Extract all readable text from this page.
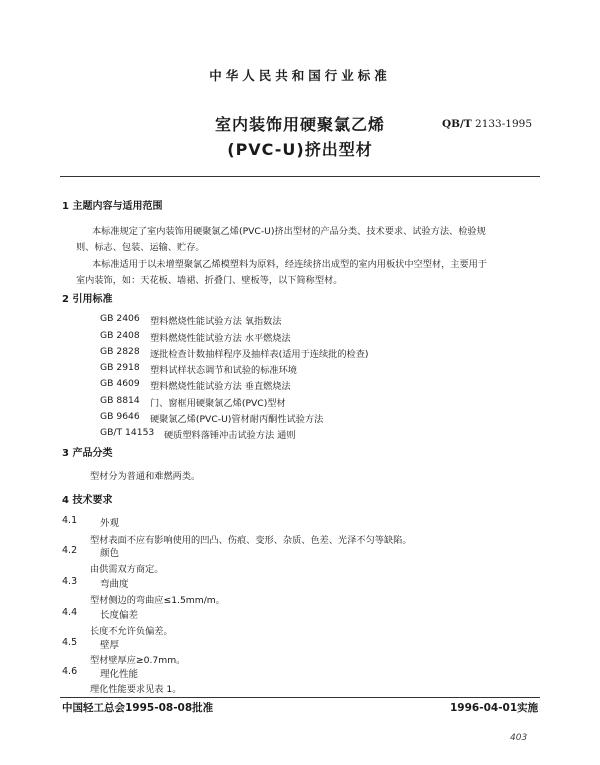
中华人民共和国行业标准
室内装饰用硬聚氯乙烯
(PVC-U)挤出型材
QB/T 2133-1995
1 主题内容与适用范围
本标准规定了室内装饰用硬聚氯乙烯(PVC-U)挤出型材的产品分类、技术要求、试验方法、检验规
则、标志、包装、运输、贮存。
本标准适用于以未增塑聚氯乙烯模塑料为原料，经连续挤出成型的室内用板状中空型材，主要用于
室内装饰，如：天花板、墙裙、折叠门、壁板等，以下简称型材。
2 引用标准
GB 2406 塑料燃烧性能试验方法 氧指数法
GB 2408 塑料燃烧性能试验方法 水平燃烧法
GB 2828 逐批检查计数抽样程序及抽样表(适用于连续批的检查)
GB 2918 塑料试样状态调节和试验的标准环境
GB 4609 塑料燃烧性能试验方法 垂直燃烧法
GB 8814 门、窗框用硬聚氯乙烯(PVC)型材
GB 9646 硬聚氯乙烯(PVC-U)管材耐丙酮性试验方法
GB/T 14153 硬质塑料落锤冲击试验方法 通则
3 产品分类
型材分为普通和难燃两类。
4 技术要求
4.1 外观
型材表面不应有影响使用的凹凸、伤痕、变形、杂质、色差、光泽不匀等缺陷。
4.2 颜色
由供需双方商定。
4.3 弯曲度
型材侧边的弯曲应≤1.5mm/m。
4.4 长度偏差
长度不允许负偏差。
4.5 壁厚
型材壁厚应≥0.7mm。
4.6 理化性能
理化性能要求见表 1。
中国轻工总会1995-08-08批准	1996-04-01实施
403
